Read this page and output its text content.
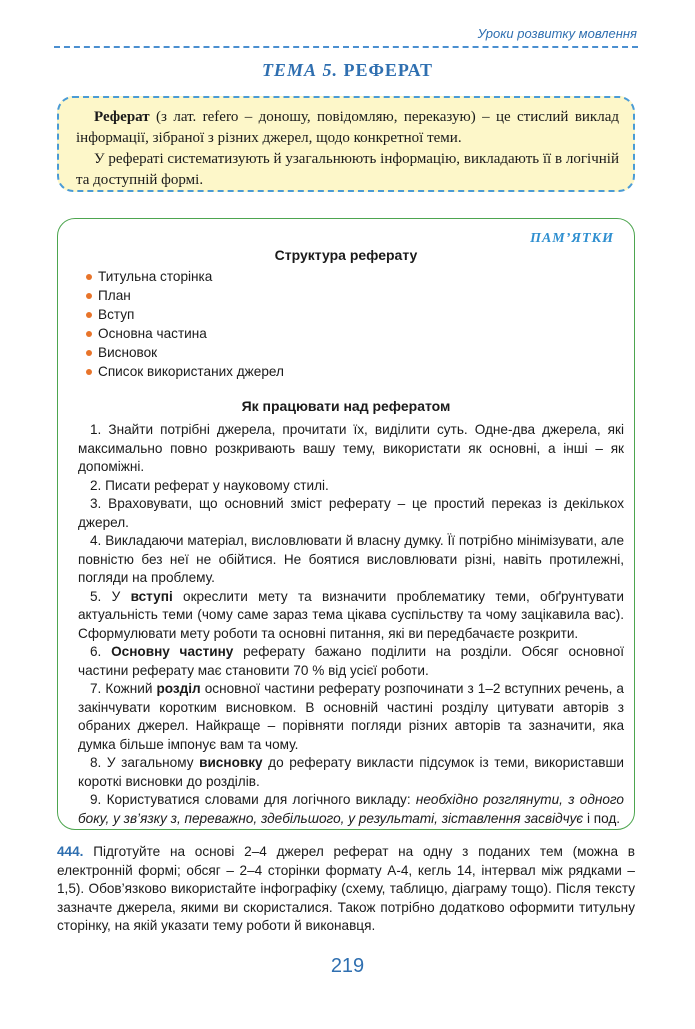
Уроки розвитку мовлення
ТЕМА 5. РЕФЕРАТ

Реферат (з лат. refero – доношу, повідомляю, переказую) – це стислий виклад інформації, зібраної з різних джерел, щодо конкретної теми.

У рефераті систематизують й узагальнюють інформацію, викладають її в логічній та доступній формі.

ПАМ’ЯТКИ
Структура реферату
Титульна сторінка
План
Вступ
Основна частина
Висновок
Список використаних джерел
Як працювати над рефератом

1. Знайти потрібні джерела, прочитати їх, виділити суть. Одне-два джерела, які максимально повно розкривають вашу тему, використати як основні, а інші – як допоміжні.

2. Писати реферат у науковому стилі.

3. Враховувати, що основний зміст реферату – це простий переказ із декількох джерел.

4. Викладаючи матеріал, висловлювати й власну думку. Її потрібно мінімізувати, але повністю без неї не обійтися. Не боятися висловлювати різні, навіть протилежні, погляди на проблему.

5. У вступі окреслити мету та визначити проблематику теми, обґрунтувати актуальність теми (чому саме зараз тема цікава суспільству та чому зацікавила вас). Сформулювати мету роботи та основні питання, які ви передбачаєте розкрити.

6. Основну частину реферату бажано поділити на розділи. Обсяг основної частини реферату має становити 70 % від усієї роботи.

7. Кожний розділ основної частини реферату розпочинати з 1–2 вступних речень, а закінчувати коротким висновком. В основній частині розділу цитувати авторів з обраних джерел. Найкраще – порівняти погляди різних авторів та зазначити, яка думка більше імпонує вам та чому.

8. У загальному висновку до реферату викласти підсумок із теми, використавши короткі висновки до розділів.

9. Користуватися словами для логічного викладу: необхідно розглянути, з одного боку, у зв’язку з, переважно, здебільшого, у результаті, зіставлення засвідчує і под.

444. Підготуйте на основі 2–4 джерел реферат на одну з поданих тем (можна в електронній формі; обсяг – 2–4 сторінки формату А-4, кегль 14, інтервал між рядками – 1,5). Обов’язково використайте інфографіку (схему, таблицю, діаграму тощо). Після тексту зазначте джерела, якими ви скористалися. Також потрібно додатково оформити титульну сторінку, на якій указати тему роботи й виконавця.
219
